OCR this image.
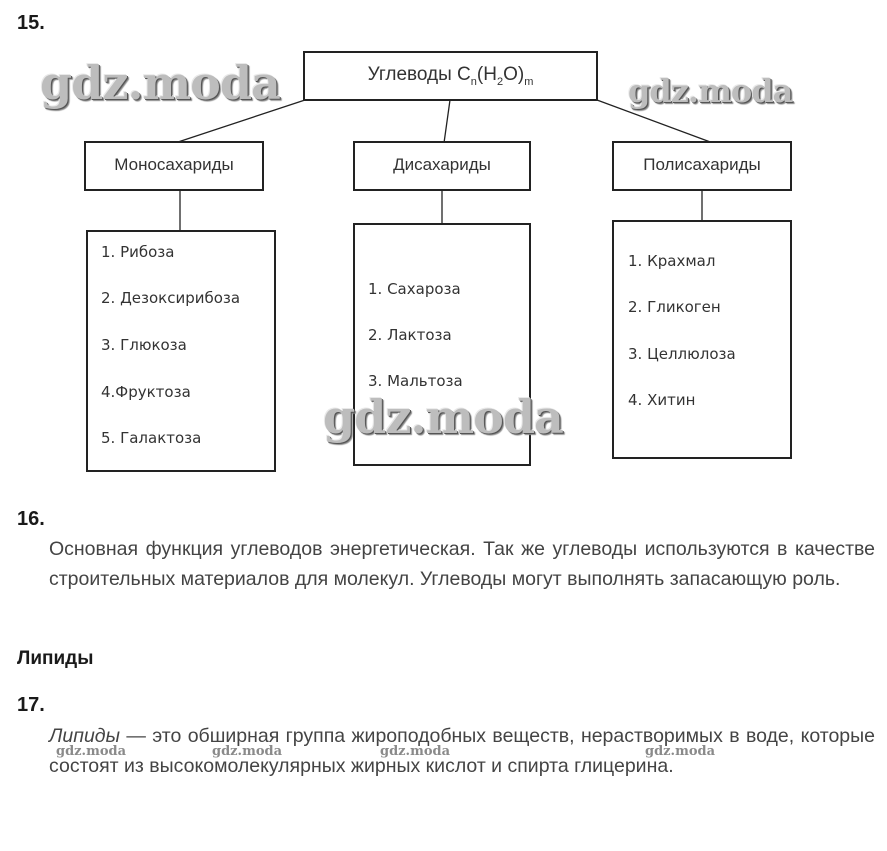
15.
Углеводы $C_n(H_2O)_m$
Моносахариды	Дисахариды	Полисахариды
1. Рибоза
2. Дезоксирибоза
3. Глюкоза
4.Фруктоза
5. Галактоза
1. Сахароза
2. Лактоза
3. Мальтоза
1. Крахмал
2. Гликоген
3. Целлюлоза
4. Хитин
gdz.moda	gdz.moda
gdz.moda
16.
Основная функция углеводов энергетическая. Так же углеводы используются в качестве строительных материалов для молекул. Углеводы могут выполнять запасающую роль.
Липиды
17.
Липиды — это обширная группа жироподобных веществ, нерастворимых в воде, которые состоят из высокомолекулярных жирных кислот и спирта глицерина.
gdz.moda	gdz.moda	gdz.moda	gdz.moda
